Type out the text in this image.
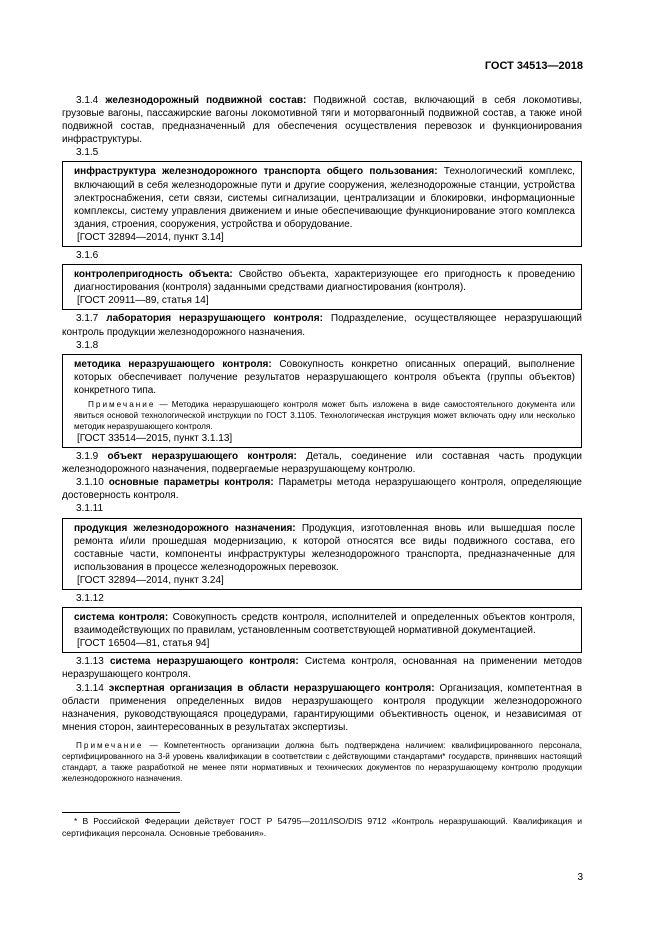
ГОСТ 34513—2018

3.1.4 железнодорожный подвижной состав: Подвижной состав, включающий в себя локомотивы, грузовые вагоны, пассажирские вагоны локомотивной тяги и моторвагонный подвижной состав, а также иной подвижной состав, предназначенный для обеспечения осуществления перевозок и функционирования инфраструктуры.

3.1.5

инфраструктура железнодорожного транспорта общего пользования: Технологический комплекс, включающий в себя железнодорожные пути и другие сооружения, железнодорожные станции, устройства электроснабжения, сети связи, системы сигнализации, централизации и блокировки, информационные комплексы, систему управления движением и иные обеспечивающие функционирование этого комплекса здания, строения, сооружения, устройства и оборудование.

[ГОСТ 32894—2014, пункт 3.14]

3.1.6

контролепригодность объекта: Свойство объекта, характеризующее его пригодность к проведению диагностирования (контроля) заданными средствами диагностирования (контроля).

[ГОСТ 20911—89, статья 14]

3.1.7 лаборатория неразрушающего контроля: Подразделение, осуществляющее неразрушающий контроль продукции железнодорожного назначения.

3.1.8

методика неразрушающего контроля: Совокупность конкретно описанных операций, выполнение которых обеспечивает получение результатов неразрушающего контроля объекта (группы объектов) конкретного типа.

Примечание — Методика неразрушающего контроля может быть изложена в виде самостоятельного документа или явиться основой технологической инструкции по ГОСТ 3.1105. Технологическая инструкция может включать одну или несколько методик неразрушающего контроля.

[ГОСТ 33514—2015, пункт 3.1.13]

3.1.9 объект неразрушающего контроля: Деталь, соединение или составная часть продукции железнодорожного назначения, подвергаемые неразрушающему контролю.

3.1.10 основные параметры контроля: Параметры метода неразрушающего контроля, определяющие достоверность контроля.

3.1.11

продукция железнодорожного назначения: Продукция, изготовленная вновь или вышедшая после ремонта и/или прошедшая модернизацию, к которой относятся все виды подвижного состава, его составные части, компоненты инфраструктуры железнодорожного транспорта, предназначенные для использования в процессе железнодорожных перевозок.

[ГОСТ 32894—2014, пункт 3.24]

3.1.12

система контроля: Совокупность средств контроля, исполнителей и определенных объектов контроля, взаимодействующих по правилам, установленным соответствующей нормативной документацией.

[ГОСТ 16504—81, статья 94]

3.1.13 система неразрушающего контроля: Система контроля, основанная на применении методов неразрушающего контроля.

3.1.14 экспертная организация в области неразрушающего контроля: Организация, компетентная в области применения определенных видов неразрушающего контроля продукции железнодорожного назначения, руководствующаяся процедурами, гарантирующими объективность оценок, и независимая от мнения сторон, заинтересованных в результатах экспертизы.

Примечание — Компетентность организации должна быть подтверждена наличием: квалифицированного персонала, сертифицированного на 3-й уровень квалификации в соответствии с действующими стандартами* государств, принявших настоящий стандарт, а также разработкой не менее пяти нормативных и технических документов по неразрушающему контролю продукции железнодорожного назначения.

* В Российской Федерации действует ГОСТ Р 54795—2011/ISO/DIS 9712 «Контроль неразрушающий. Квалификация и сертификация персонала. Основные требования».

3
